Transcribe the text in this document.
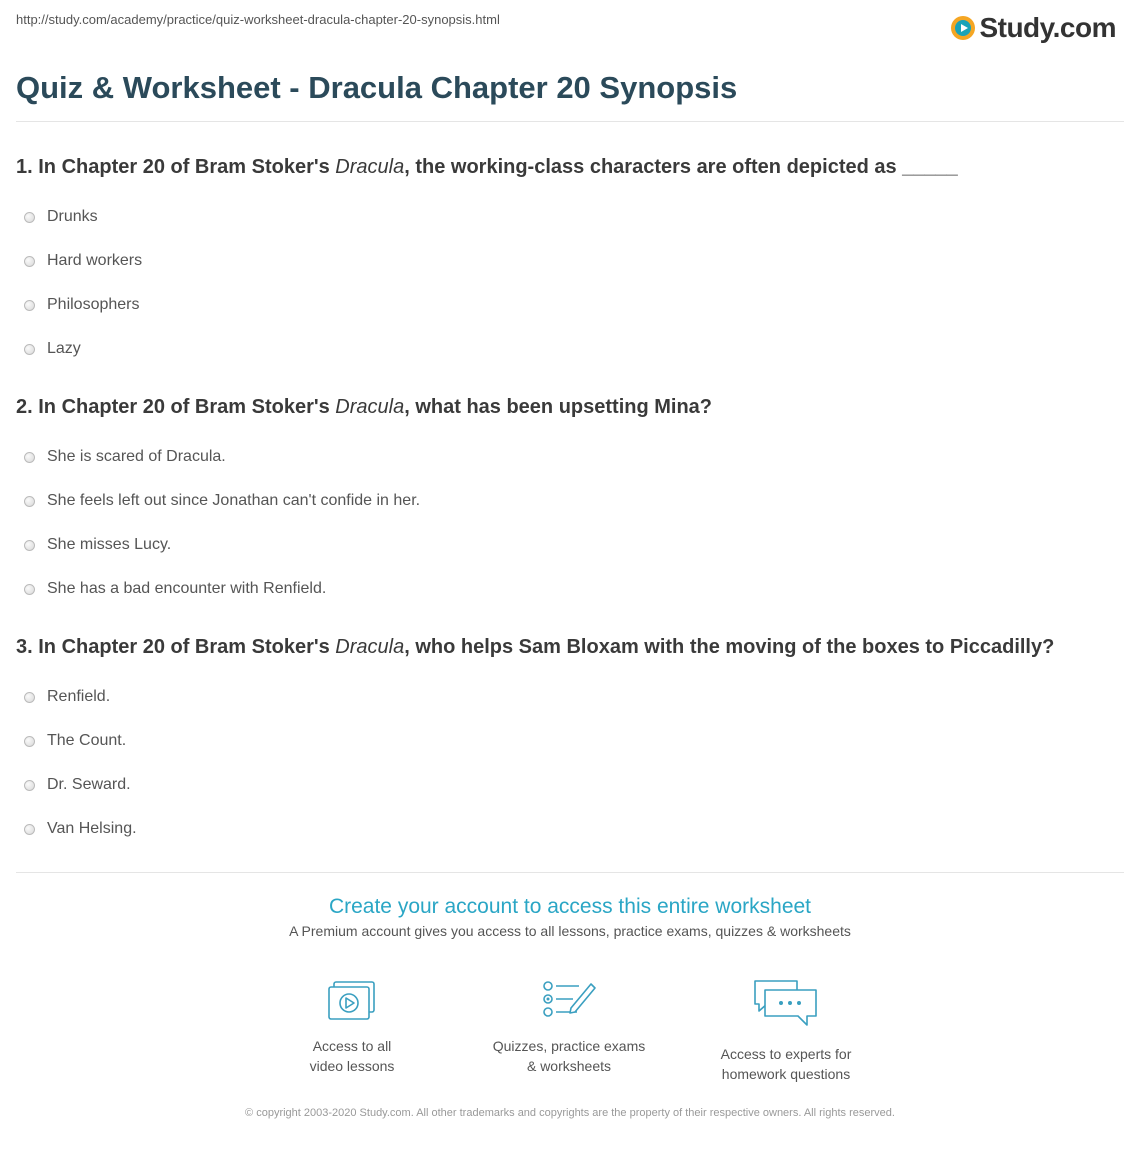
http://study.com/academy/practice/quiz-worksheet-dracula-chapter-20-synopsis.html	Study.com
Quiz & Worksheet - Dracula Chapter 20 Synopsis
1. In Chapter 20 of Bram Stoker's Dracula, the working-class characters are often depicted as _____
Drunks
Hard workers
Philosophers
Lazy
2. In Chapter 20 of Bram Stoker's Dracula, what has been upsetting Mina?
She is scared of Dracula.
She feels left out since Jonathan can't confide in her.
She misses Lucy.
She has a bad encounter with Renfield.
3. In Chapter 20 of Bram Stoker's Dracula, who helps Sam Bloxam with the moving of the boxes to Piccadilly?
Renfield.
The Count.
Dr. Seward.
Van Helsing.
Create your account to access this entire worksheet
A Premium account gives you access to all lessons, practice exams, quizzes & worksheets
Access to all
video lessons
Quizzes, practice exams
& worksheets
Access to experts for
homework questions
© copyright 2003-2020 Study.com. All other trademarks and copyrights are the property of their respective owners. All rights reserved.
